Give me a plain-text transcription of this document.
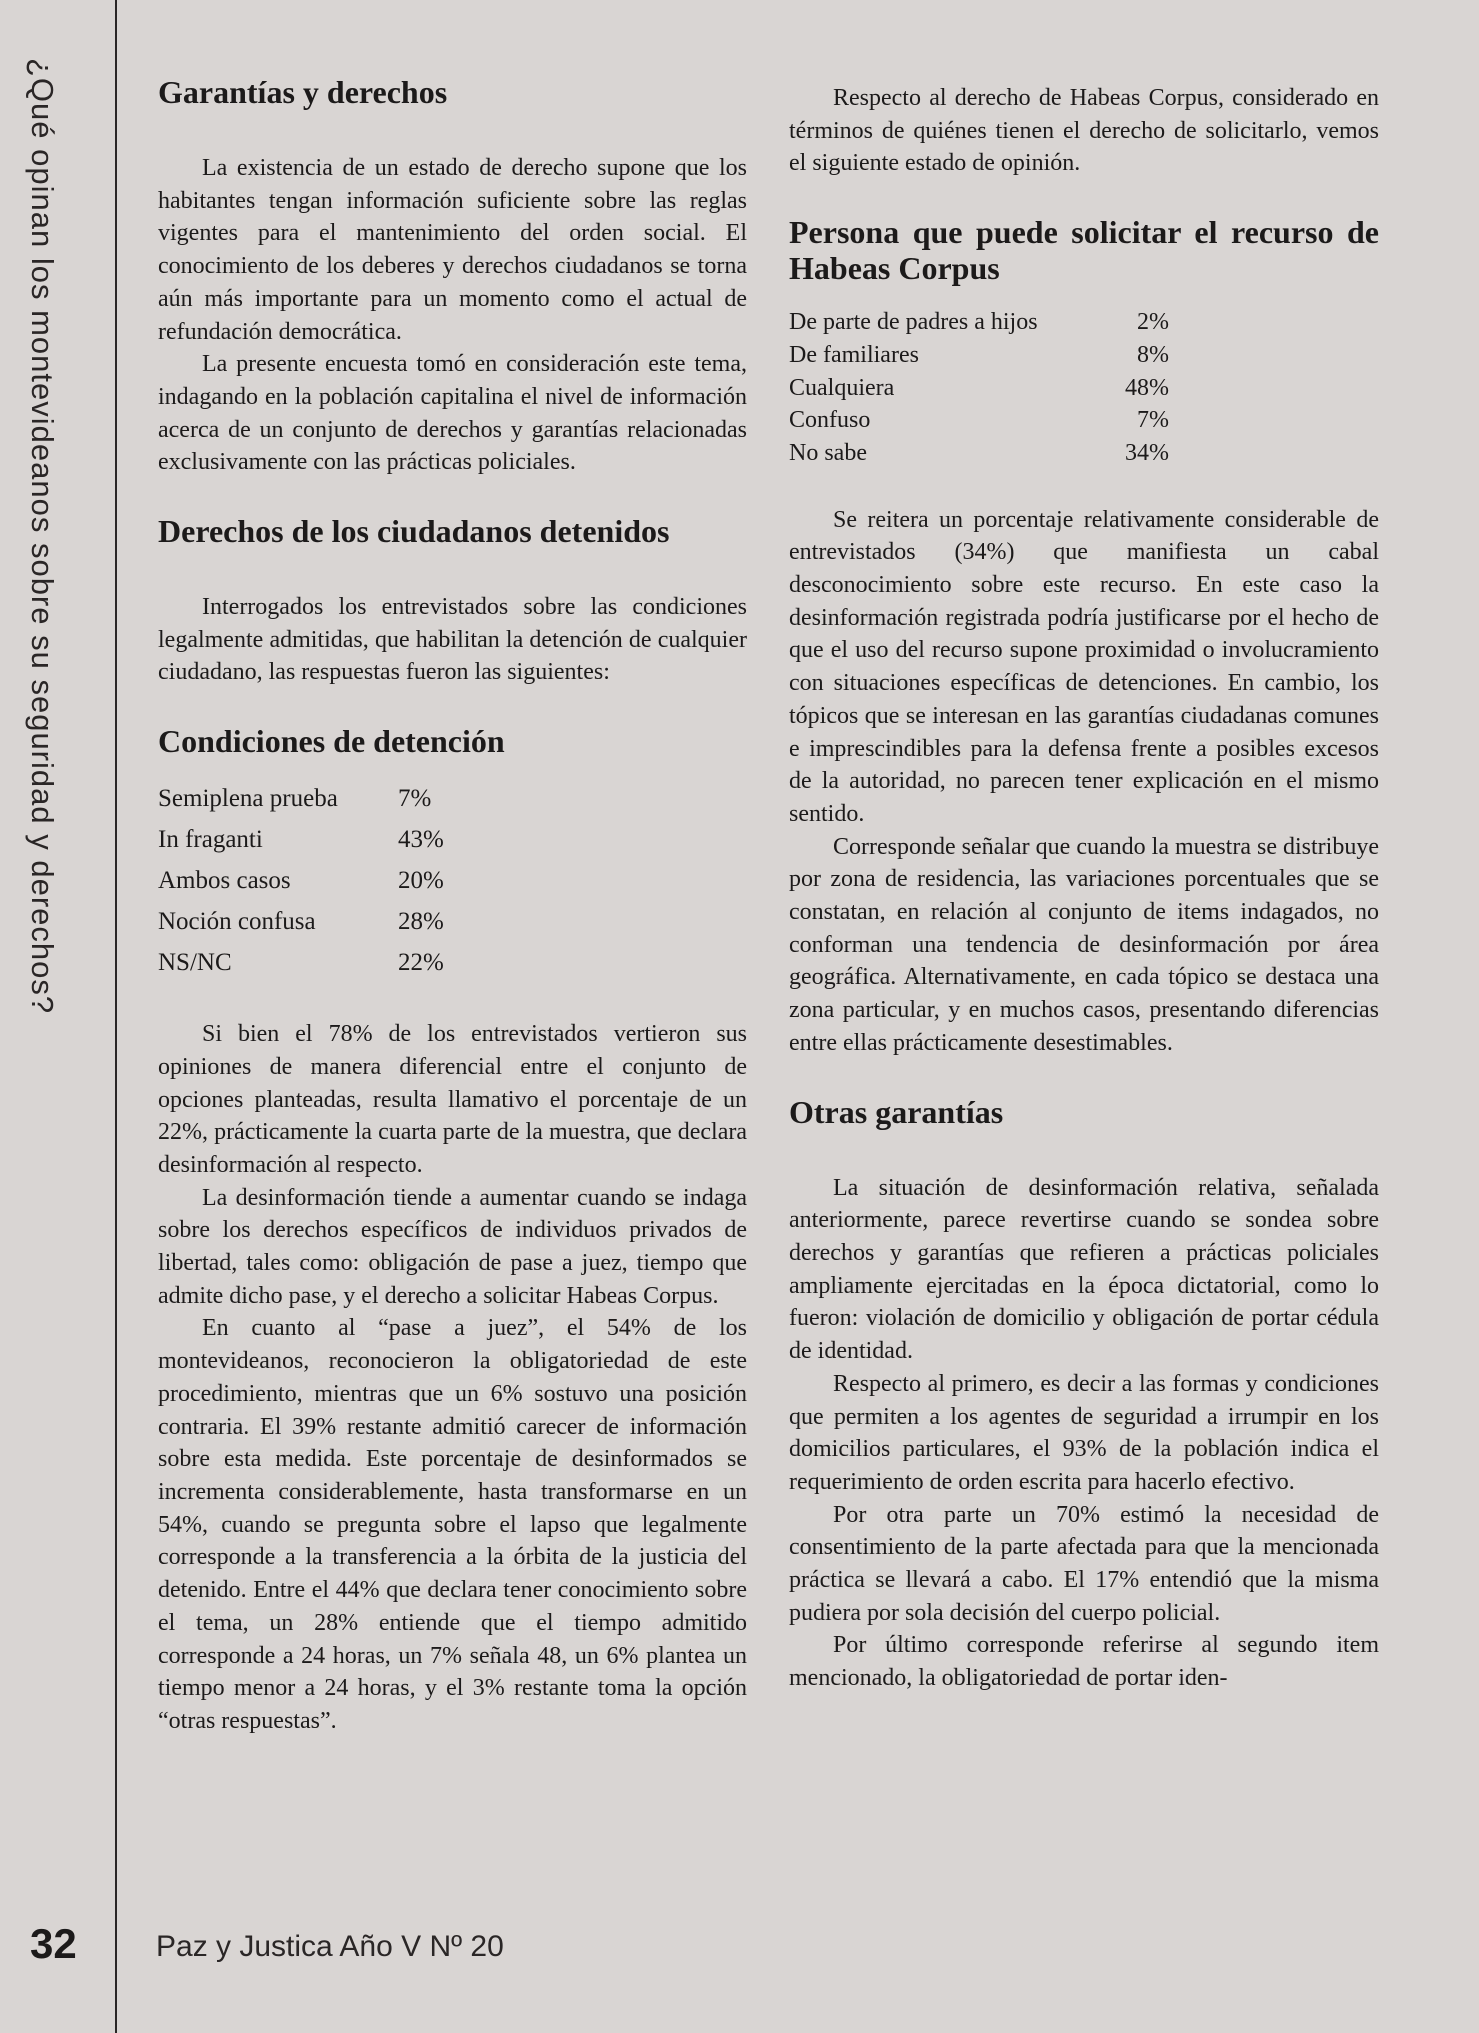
¿Qué opinan los montevideanos sobre su seguridad y derechos?
32	Paz y Justica Año V Nº 20
Garantías y derechos

La existencia de un estado de derecho supone que los habitantes tengan información suficiente sobre las reglas vigentes para el mantenimiento del orden social. El conocimiento de los deberes y derechos ciudadanos se torna aún más importante para un momento como el actual de refundación democrática.

La presente encuesta tomó en consideración este tema, indagando en la población capitalina el nivel de información acerca de un conjunto de derechos y garantías relacionadas exclusivamente con las prácticas policiales.

Derechos de los ciudadanos detenidos

Interrogados los entrevistados sobre las condiciones legalmente admitidas, que habilitan la detención de cualquier ciudadano, las respuestas fueron las siguientes:

Condiciones de detención
Semiplena prueba	7%
In fraganti	43%
Ambos casos	20%
Noción confusa	28%
NS/NC	22%

Si bien el 78% de los entrevistados vertieron sus opiniones de manera diferencial entre el conjunto de opciones planteadas, resulta llamativo el porcentaje de un 22%, prácticamente la cuarta parte de la muestra, que declara desinformación al respecto.

La desinformación tiende a aumentar cuando se indaga sobre los derechos específicos de individuos privados de libertad, tales como: obligación de pase a juez, tiempo que admite dicho pase, y el derecho a solicitar Habeas Corpus.

En cuanto al “pase a juez”, el 54% de los montevideanos, reconocieron la obligatoriedad de este procedimiento, mientras que un 6% sostuvo una posición contraria. El 39% restante admitió carecer de información sobre esta medida. Este porcentaje de desinformados se incrementa considerablemente, hasta transformarse en un 54%, cuando se pregunta sobre el lapso que legalmente corresponde a la transferencia a la órbita de la justicia del detenido. Entre el 44% que declara tener conocimiento sobre el tema, un 28% entiende que el tiempo admitido corresponde a 24 horas, un 7% señala 48, un 6% plantea un tiempo menor a 24 horas, y el 3% restante toma la opción “otras respuestas”.

Respecto al derecho de Habeas Corpus, considerado en términos de quiénes tienen el derecho de solicitarlo, vemos el siguiente estado de opinión.

Persona que puede solicitar el recurso de Habeas Corpus
De parte de padres a hijos	2%
De familiares	8%
Cualquiera	48%
Confuso	7%
No sabe	34%

Se reitera un porcentaje relativamente considerable de entrevistados (34%) que manifiesta un cabal desconocimiento sobre este recurso. En este caso la desinformación registrada podría justificarse por el hecho de que el uso del recurso supone proximidad o involucramiento con situaciones específicas de detenciones. En cambio, los tópicos que se interesan en las garantías ciudadanas comunes e imprescindibles para la defensa frente a posibles excesos de la autoridad, no parecen tener explicación en el mismo sentido.

Corresponde señalar que cuando la muestra se distribuye por zona de residencia, las variaciones porcentuales que se constatan, en relación al conjunto de items indagados, no conforman una tendencia de desinformación por área geográfica. Alternativamente, en cada tópico se destaca una zona particular, y en muchos casos, presentando diferencias entre ellas prácticamente desestimables.

Otras garantías

La situación de desinformación relativa, señalada anteriormente, parece revertirse cuando se sondea sobre derechos y garantías que refieren a prácticas policiales ampliamente ejercitadas en la época dictatorial, como lo fueron: violación de domicilio y obligación de portar cédula de identidad.

Respecto al primero, es decir a las formas y condiciones que permiten a los agentes de seguridad a irrumpir en los domicilios particulares, el 93% de la población indica el requerimiento de orden escrita para hacerlo efectivo.

Por otra parte un 70% estimó la necesidad de consentimiento de la parte afectada para que la mencionada práctica se llevará a cabo. El 17% entendió que la misma pudiera por sola decisión del cuerpo policial.

Por último corresponde referirse al segundo item mencionado, la obligatoriedad de portar iden-
